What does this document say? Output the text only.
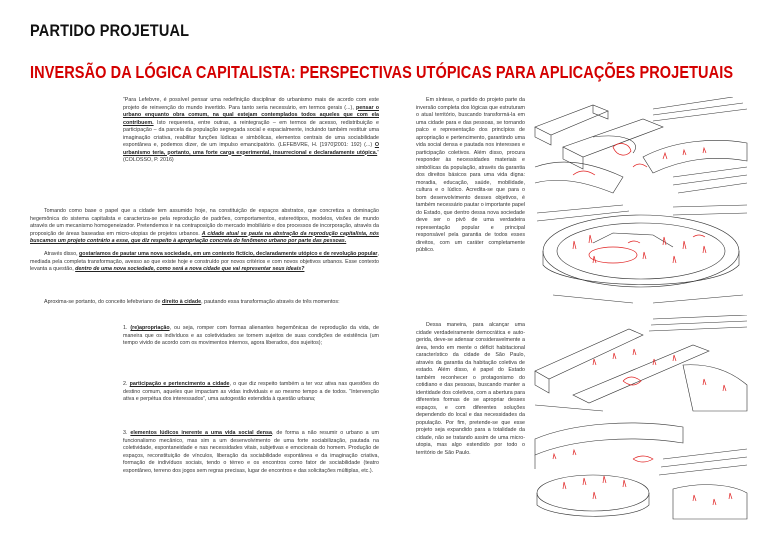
PARTIDO PROJETUAL
INVERSÃO DA LÓGICA CAPITALISTA: PERSPECTIVAS UTÓPICAS PARA APLICAÇÕES PROJETUAIS

“Para Lefebvre, é possível pensar uma redefinição disciplinar do urbanismo mais de acordo com este projeto de reinvenção do mundo invertido. Para tanto seria necessário, em termos gerais (...), pensar o urbano enquanto obra comum, na qual estejam contemplados todos aqueles que com ela contribuem. Isto requereria, entre outras, a reintegração – em termos de acesso, redistribuição e participação – da parcela da população segregada social e espacialmente, incluindo também restituir uma imaginação criativa, reabilitar funções lúdicas e simbólicas, elementos centrais de uma sociabilidade espontânea e, podemos dizer, de um impulso emancipatório. (LEFEBVRE, H. [1970]2001: 192) (...) O urbanismo teria, portanto, uma forte carga experimental, insurrecional e declaradamente utópica.” (COLOSSO, P. 2016)

Tomando como base o papel que a cidade tem assumido hoje, na constituição de espaços abstratos, que concretiza a dominação hegemônica do sistema capitalista e caracteriza-se pela reprodução de padrões, comportamentos, estereótipos, modelos, visões de mundo através de um mecanismo homogeneizador. Pretendemos ir na contraposição do mercado imobiliário e dos processos de incorporação, através da proposição de áreas baseadas em micro-utopias de projetos urbanos. A cidade atual se pauta na abstração da reprodução capitalista, nós buscamos um projeto contrário a esse, que diz respeito à apropriação concreta do fenômeno urbano por parte das pessoas.

Através disso, gostaríamos de pautar uma nova sociedade, em um contexto fictício, declaradamente utópico e de revolução popular, mediada pela completa transformação, avesso ao que existe hoje e construído por novos critérios e com novos objetivos urbanos. Esse contexto levanta a questão, dentro de uma nova sociedade, como será a nova cidade que vai representar seus ideais?

Aproxima-se portanto, do conceito lefebvriano de direito à cidade, pautando essa transformação através de três momentos:

1. (re)apropriação, ou seja, romper com formas alienantes hegemônicas de reprodução da vida, de maneira que os indivíduos e as coletividades se tornem sujeitos de suas condições de existência (um tempo vivido de acordo com os movimentos internos, agora liberados, dos sujeitos);

2. participação e pertencimento a cidade, o que diz respeito também a ter voz ativa nas questões do destino comum, aqueles que impactam as vidas individuais e ao mesmo tempo a de todos. “Intervenção ativa e perpétua dos interessados”, uma autogestão estendida à questão urbana;

3. elementos lúdicos inerente a uma vida social densa, de forma a não resumir o urbano a um funcionalismo mecânico, mas sim a um desenvolvimento de uma forte sociabilização, pautada na coletividade, espontaneidade e nas necessidades vitais, subjetivas e emocionais do homem. Produção de espaços, reconstituição de vínculos, liberação da sociabilidade espontânea e da imaginação criativa, formação de indivíduos sociais, tendo o térreo e os encontros como fator de sociabilidade (teatro espontâneo, terreno dos jogos sem regras precisas, lugar de encontros e das solicitações múltiplas, etc.).

Em síntese, o partido do projeto parte da inversão completa dos lógicas que estruturam o atual território, buscando transformá-la em uma cidade para e das pessoas, se tornando palco e representação dos princípios de apropriação e pertencimento, garantindo uma vida social densa e pautada nos interesses e participação coletivos. Além disso, procura responder às necessidades materiais e simbólicas da população, através da garantia dos direitos básicos para uma vida digna: moradia, educação, saúde, mobilidade, cultura e o lúdico. Acredita-se que para o bom desenvolvimento desses objetivos, é também necessário pautar o importante papel do Estado, que dentro dessa nova sociedade deve ser o pivô de uma verdadeira representação popular e principal responsável pela garantia de todos esses direitos, com um caráter completamente público.

Dessa maneira, para alcançar uma cidade verdadeiramente democrática e auto-gerida, deve-se adensar consideravelmente a área, tendo em mente o déficit habitacional característico da cidade de São Paulo, através da garantia da habitação coletiva de estado. Além disso, é papel do Estado também reconhecer o protagonismo do cotidiano e das pessoas, buscando manter a identidade dos coletivos, com a abertura para diferentes formas de se apropriar desses espaços, e com diferentes soluções dependendo do local e das necessidades da população. Por fim, pretende-se que esse projeto seja expandido para a totalidade da cidade, não se tratando assim de uma micro-utopia, mas algo estendido por todo o território de São Paulo.
